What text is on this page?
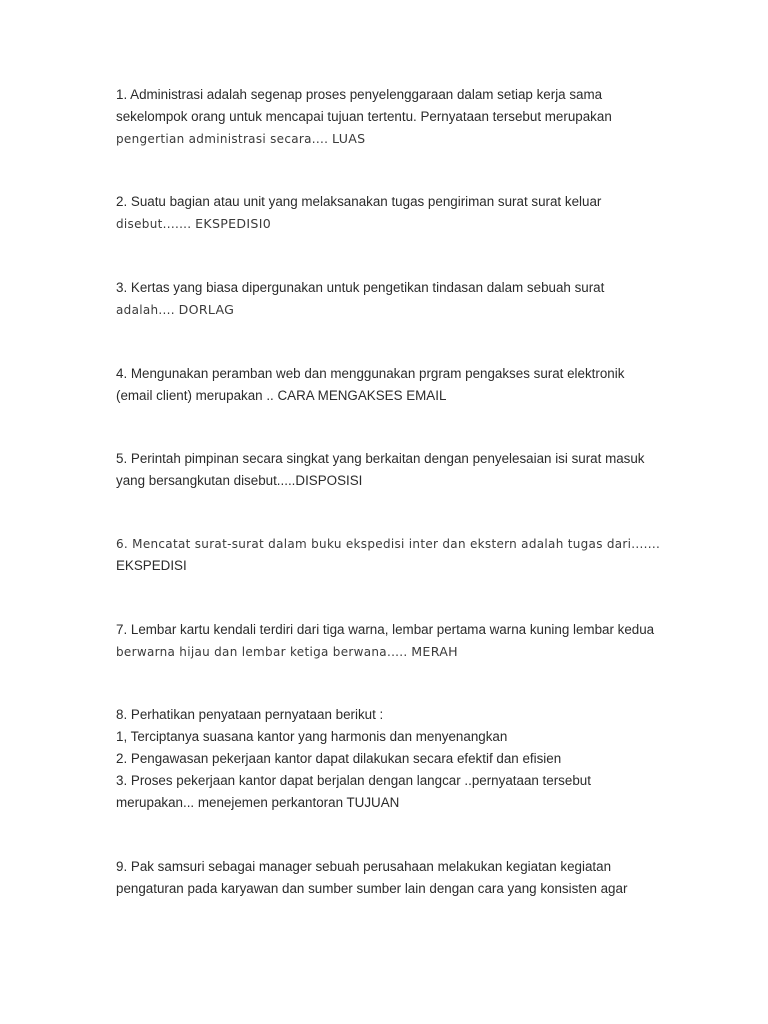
1. Administrasi adalah segenap proses penyelenggaraan dalam setiap kerja sama
sekelompok orang untuk mencapai tujuan tertentu. Pernyataan tersebut merupakan
pengertian administrasi secara.... LUAS
2. Suatu bagian atau unit yang melaksanakan tugas pengiriman surat surat keluar
disebut....... EKSPEDISI0
3. Kertas yang biasa dipergunakan untuk pengetikan tindasan dalam sebuah surat
adalah.... DORLAG
4. Mengunakan peramban web dan menggunakan prgram pengakses surat elektronik
(email client) merupakan .. CARA MENGAKSES EMAIL
5. Perintah pimpinan secara singkat yang berkaitan dengan penyelesaian isi surat masuk
yang bersangkutan disebut.....DISPOSISI
6. Mencatat surat-surat dalam buku ekspedisi inter dan ekstern adalah tugas dari.......
EKSPEDISI
7. Lembar kartu kendali terdiri dari tiga warna, lembar pertama warna kuning lembar kedua
berwarna hijau dan lembar ketiga berwana..... MERAH
8. Perhatikan penyataan pernyataan berikut :
1, Terciptanya suasana kantor yang harmonis dan menyenangkan
2. Pengawasan pekerjaan kantor dapat dilakukan secara efektif dan efisien
3. Proses pekerjaan kantor dapat berjalan dengan langcar ..pernyataan tersebut
merupakan... menejemen perkantoran TUJUAN
9. Pak samsuri sebagai manager sebuah perusahaan melakukan kegiatan kegiatan
pengaturan pada karyawan dan sumber sumber lain dengan cara yang konsisten agar
